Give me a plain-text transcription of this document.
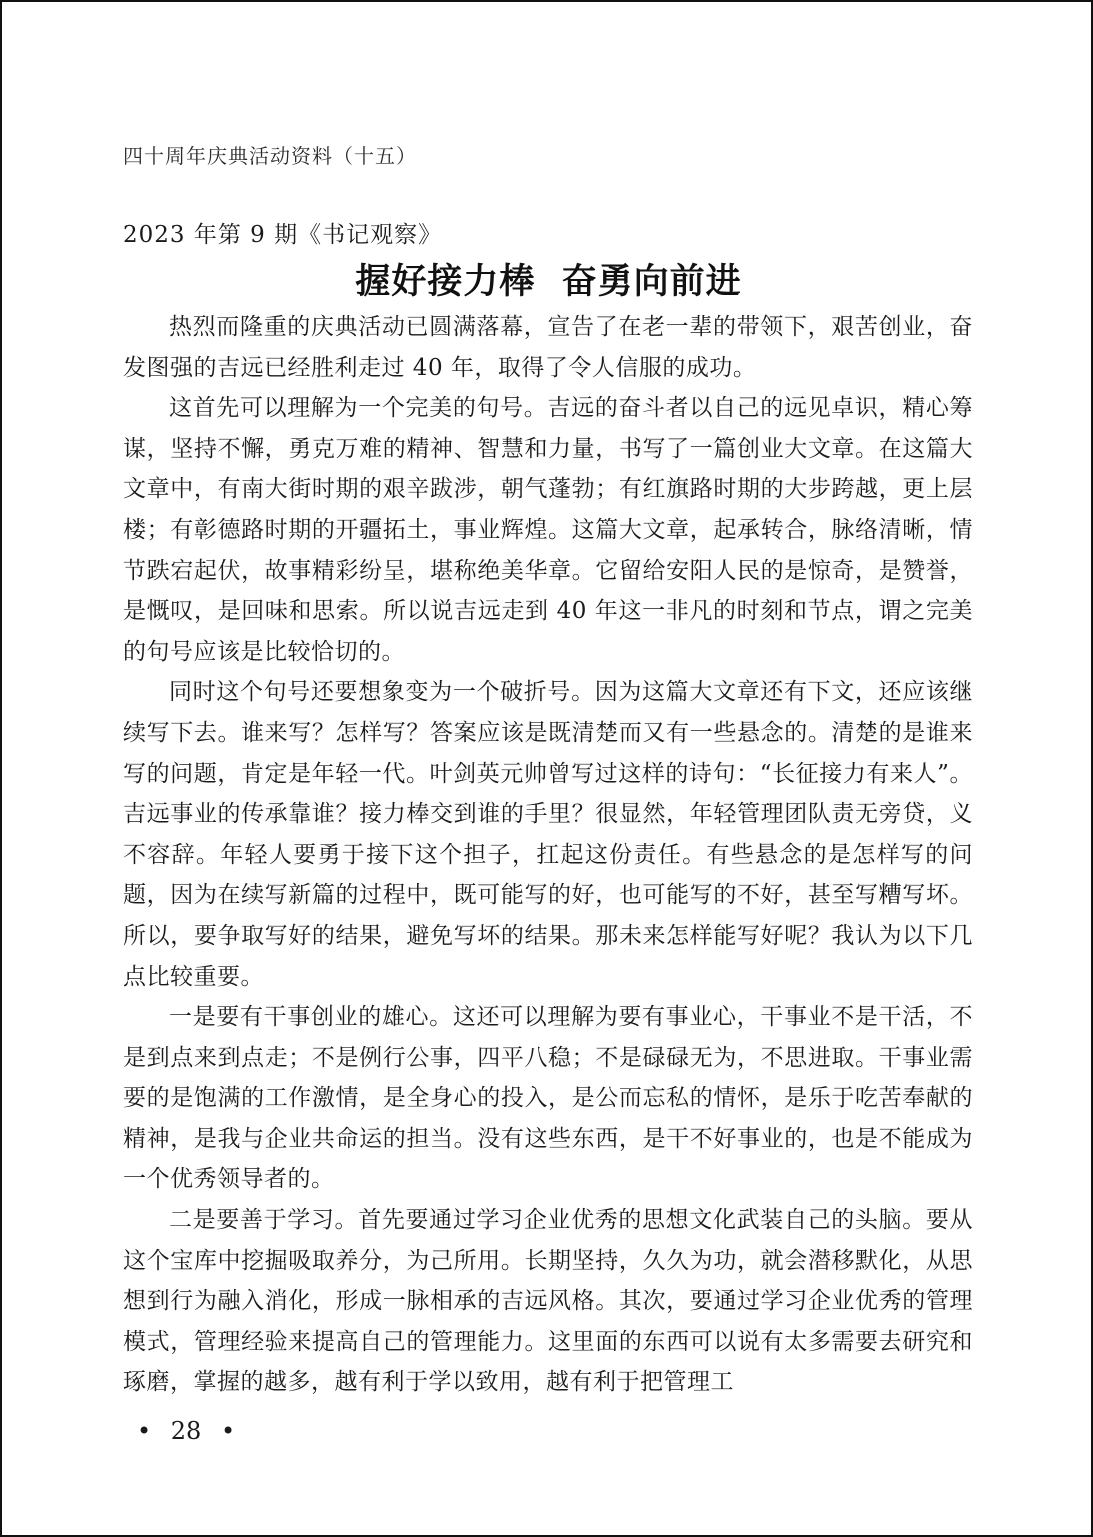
四十周年庆典活动资料（十五）
2023 年第 9 期《书记观察》
握好接力棒  奋勇向前进

热烈而隆重的庆典活动已圆满落幕，宣告了在老一辈的带领下，艰苦创业，奋发图强的吉远已经胜利走过 40 年，取得了令人信服的成功。

这首先可以理解为一个完美的句号。吉远的奋斗者以自己的远见卓识，精心筹谋，坚持不懈，勇克万难的精神、智慧和力量，书写了一篇创业大文章。在这篇大文章中，有南大街时期的艰辛跋涉，朝气蓬勃；有红旗路时期的大步跨越，更上层楼；有彰德路时期的开疆拓土，事业辉煌。这篇大文章，起承转合，脉络清晰，情节跌宕起伏，故事精彩纷呈，堪称绝美华章。它留给安阳人民的是惊奇，是赞誉，是慨叹，是回味和思索。所以说吉远走到 40 年这一非凡的时刻和节点，谓之完美的句号应该是比较恰切的。

同时这个句号还要想象变为一个破折号。因为这篇大文章还有下文，还应该继续写下去。谁来写？怎样写？答案应该是既清楚而又有一些悬念的。清楚的是谁来写的问题，肯定是年轻一代。叶剑英元帅曾写过这样的诗句：“长征接力有来人”。吉远事业的传承靠谁？接力棒交到谁的手里？很显然，年轻管理团队责无旁贷，义不容辞。年轻人要勇于接下这个担子，扛起这份责任。有些悬念的是怎样写的问题，因为在续写新篇的过程中，既可能写的好，也可能写的不好，甚至写糟写坏。所以，要争取写好的结果，避免写坏的结果。那未来怎样能写好呢？我认为以下几点比较重要。

一是要有干事创业的雄心。这还可以理解为要有事业心，干事业不是干活，不是到点来到点走；不是例行公事，四平八稳；不是碌碌无为，不思进取。干事业需要的是饱满的工作激情，是全身心的投入，是公而忘私的情怀，是乐于吃苦奉献的精神，是我与企业共命运的担当。没有这些东西，是干不好事业的，也是不能成为一个优秀领导者的。

二是要善于学习。首先要通过学习企业优秀的思想文化武装自己的头脑。要从这个宝库中挖掘吸取养分，为己所用。长期坚持，久久为功，就会潜移默化，从思想到行为融入消化，形成一脉相承的吉远风格。其次，要通过学习企业优秀的管理模式，管理经验来提高自己的管理能力。这里面的东西可以说有太多需要去研究和琢磨，掌握的越多，越有利于学以致用，越有利于把管理工

• 28 •
